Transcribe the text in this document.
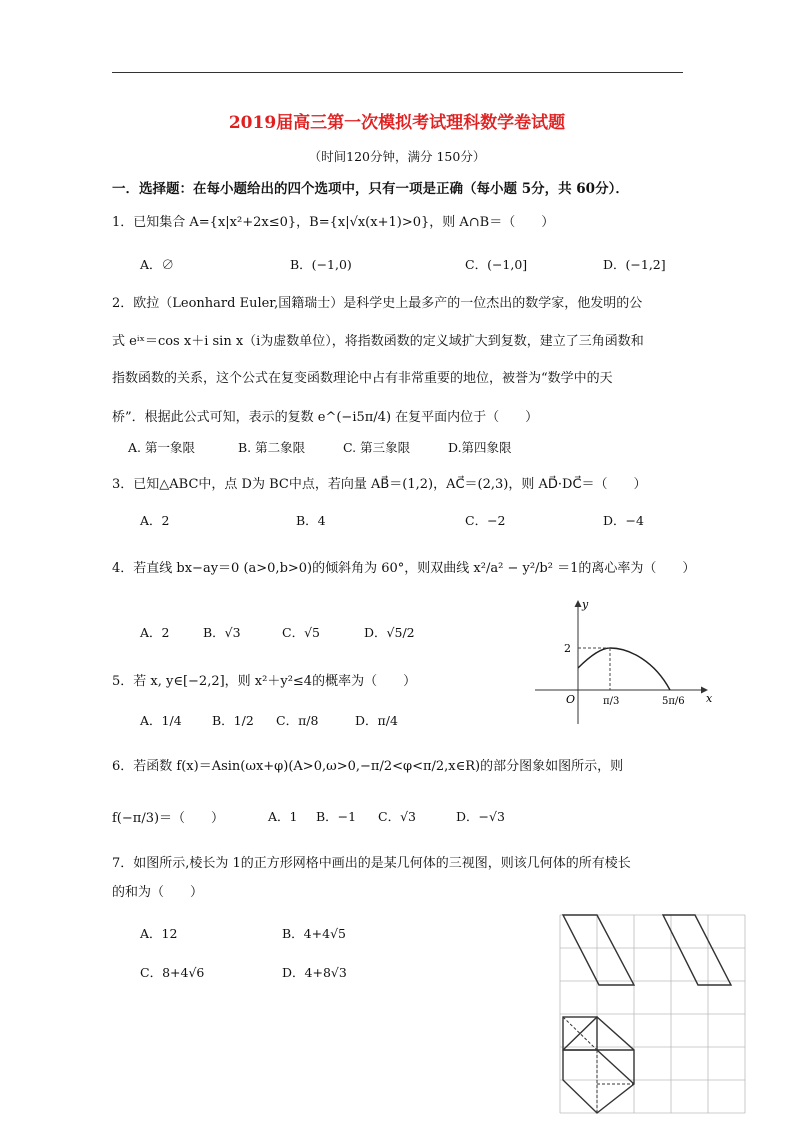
2019届高三第一次模拟考试理科数学卷试题
（时间120分钟，满分 150分）
一．选择题：在每小题给出的四个选项中，只有一项是正确（每小题 5分，共 60分）．
1．已知集合 A={x|x²+2x≤0}，B={x|√x(x+1)>0}，则 A∩B＝（　　）
A．∅	B．(−1,0)	C．(−1,0]	D．(−1,2]
2．欧拉（Leonhard Euler,国籍瑞士）是科学史上最多产的一位杰出的数学家，他发明的公
式 eⁱˣ＝cos x＋i sin x（i为虚数单位），将指数函数的定义域扩大到复数，建立了三角函数和
指数函数的关系，这个公式在复变函数理论中占有非常重要的地位，被誉为“数学中的天
桥”．根据此公式可知，表示的复数 e^(−i5π/4) 在复平面内位于（　　）
A. 第一象限	B. 第二象限	C. 第三象限	D.第四象限
3．已知△ABC中，点 D为 BC中点，若向量 AB⃗＝(1,2)，AC⃗＝(2,3)，则 AD⃗·DC⃗＝（　　）
A．2	B．4	C．−2	D．−4
4．若直线 bx−ay＝0 (a>0,b>0)的倾斜角为 60°，则双曲线 x²/a² − y²/b² ＝1的离心率为（　　）
A．2	B．√3	C．√5	D．√5/2
y
x
O
2
π/3	5π/6
5．若 x, y∈[−2,2]，则 x²＋y²≤4的概率为（　　）
A．1/4 B．1/2 C．π/8	D．π/4
6．若函数 f(x)＝Asin(ωx+φ)(A>0,ω>0,−π/2<φ<π/2,x∈R)的部分图象如图所示，则
f(−π/3)＝（　　）	A．1 B．−1 C．√3	D．−√3
7．如图所示,棱长为 1的正方形网格中画出的是某几何体的三视图，则该几何体的所有棱长
的和为（　　）
A．12	B．4+4√5
C．8+4√6	D．4+8√3
